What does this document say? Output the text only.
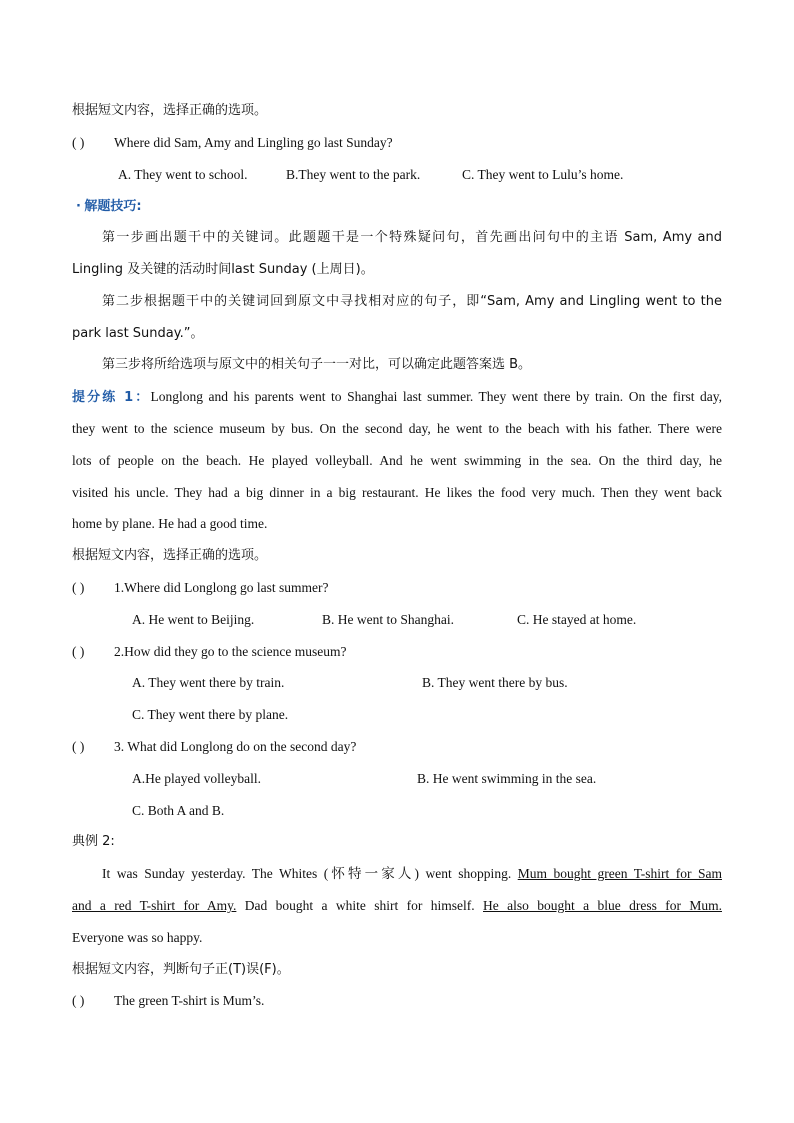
根据短文内容，选择正确的选项。
( ) Where did Sam, Amy and Lingling go last Sunday?
A. They went to school.	B.They went to the park.	C. They went to Lulu’s home.
· 解题技巧:
第一步画出题干中的关键词。此题题干是一个特殊疑问句，首先画出问句中的主语 Sam, Amy and
Lingling 及关键的活动时间last Sunday (上周日)。
第二步根据题干中的关键词回到原文中寻找相对应的句子，即“Sam, Amy and Lingling went to the
park last Sunday.”。
第三步将所给选项与原文中的相关句子一一对比，可以确定此题答案选 B。
提分练 1：Longlong and his parents went to Shanghai last summer. They went there by train. On the first day,
they went to the science museum by bus. On the second day, he went to the beach with his father. There were
lots of people on the beach. He played volleyball. And he went swimming in the sea. On the third day, he
visited his uncle. They had a big dinner in a big restaurant. He likes the food very much. Then they went back
home by plane. He had a good time.
根据短文内容，选择正确的选项。
( ) 1.Where did Longlong go last summer?
A. He went to Beijing.	B. He went to Shanghai.	C. He stayed at home.
( ) 2.How did they go to the science museum?
A. They went there by train.	B. They went there by bus.
C. They went there by plane.
( ) 3. What did Longlong do on the second day?
A.He played volleyball.	B. He went swimming in the sea.
C. Both A and B.
典例 2:
It was Sunday yesterday. The Whites (怀特一家人) went shopping. Mum bought green T-shirt for Sam
and a red T-shirt for Amy. Dad bought a white shirt for himself. He also bought a blue dress for Mum.
Everyone was so happy.
根据短文内容，判断句子正(T)误(F)。
( ) The green T-shirt is Mum’s.
